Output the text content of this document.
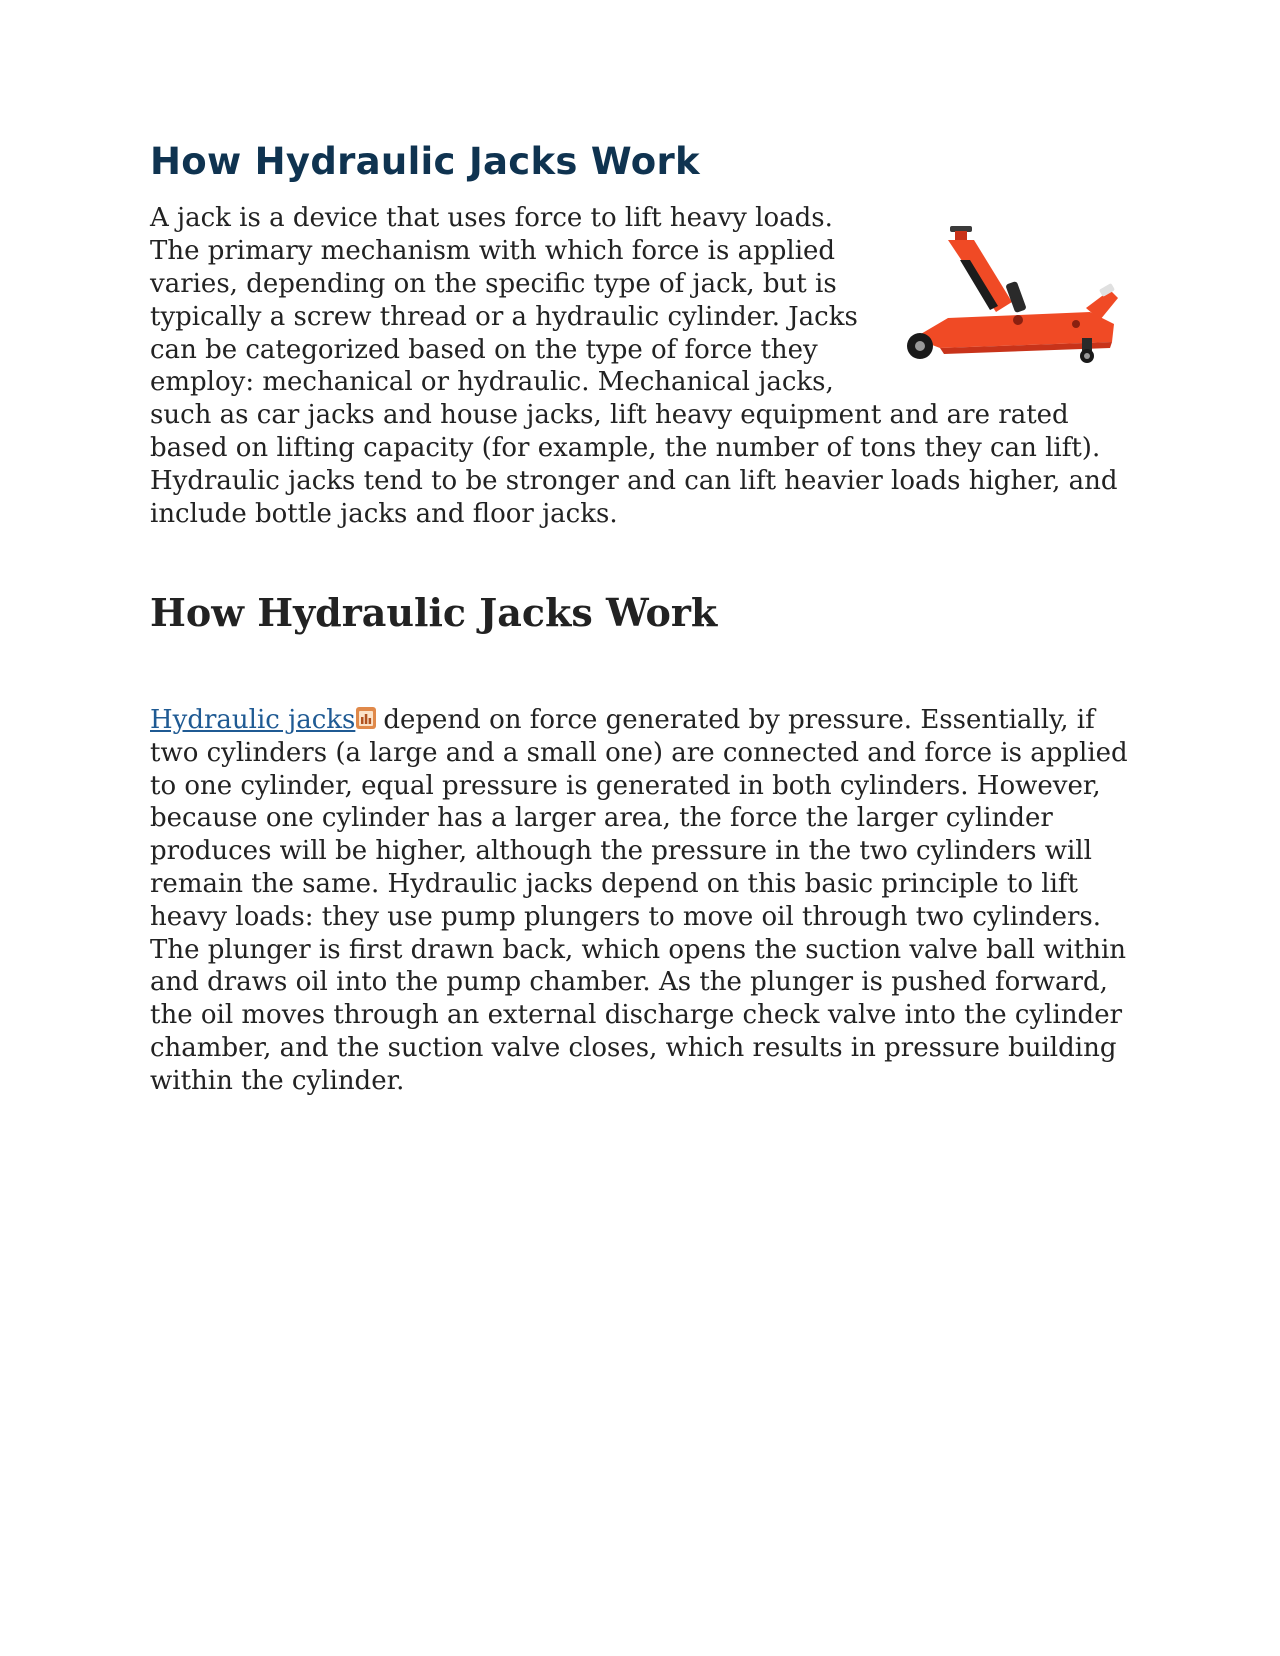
How Hydraulic Jacks Work

A jack is a device that uses force to lift heavy loads. The primary mechanism with which force is applied varies, depending on the specific type of jack, but is typically a screw thread or a hydraulic cylinder. Jacks can be categorized based on the type of force they employ: mechanical or hydraulic. Mechanical jacks, such as car jacks and house jacks, lift heavy equipment and are rated based on lifting capacity (for example, the number of tons they can lift). Hydraulic jacks tend to be stronger and can lift heavier loads higher, and include bottle jacks and floor jacks.

How Hydraulic Jacks Work

Hydraulic jacks depend on force generated by pressure. Essentially, if two cylinders (a large and a small one) are connected and force is applied to one cylinder, equal pressure is generated in both cylinders. However, because one cylinder has a larger area, the force the larger cylinder produces will be higher, although the pressure in the two cylinders will remain the same. Hydraulic jacks depend on this basic principle to lift heavy loads: they use pump plungers to move oil through two cylinders. The plunger is first drawn back, which opens the suction valve ball within and draws oil into the pump chamber. As the plunger is pushed forward, the oil moves through an external discharge check valve into the cylinder chamber, and the suction valve closes, which results in pressure building within the cylinder.
